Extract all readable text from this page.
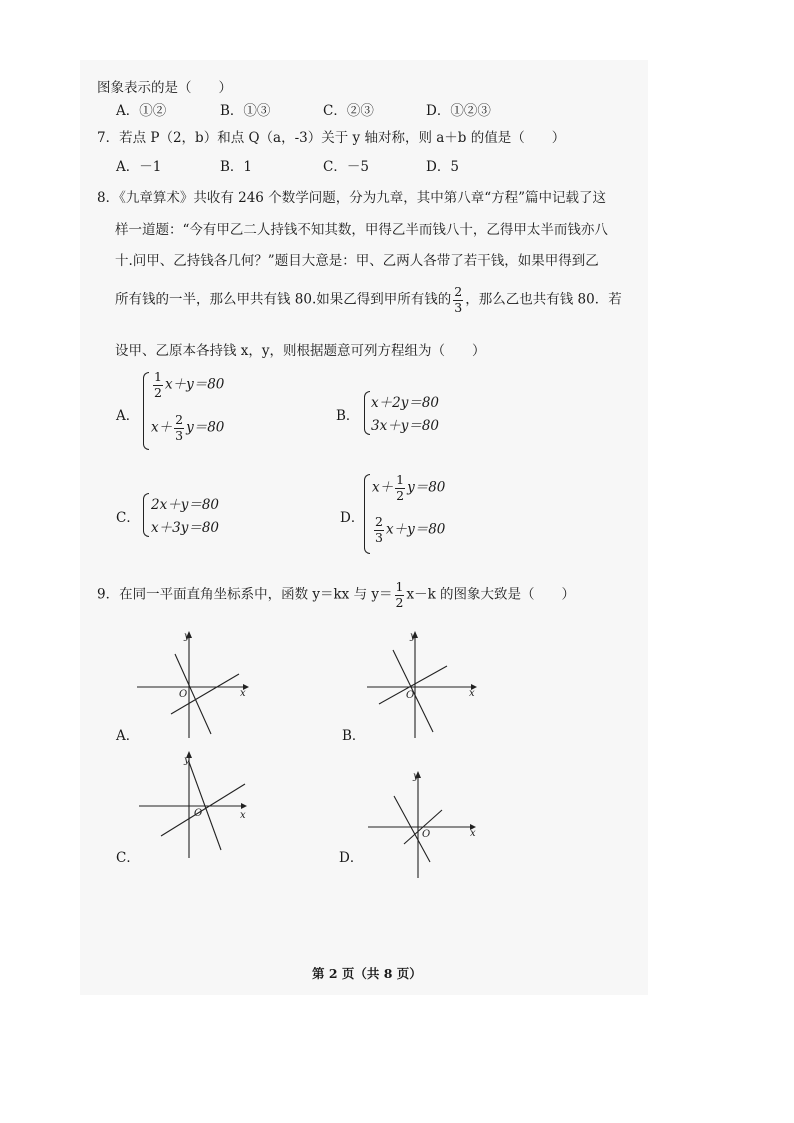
图象表示的是（　　）
A．①②	B．①③	C．②③	D．①②③
7．若点 P（2，b）和点 Q（a，-3）关于 y 轴对称，则 a＋b 的值是（　　）
A．－1	B．1	C．－5	D．5
8．《九章算术》共收有 246 个数学问题，分为九章，其中第八章“方程”篇中记载了这
样一道题：“今有甲乙二人持钱不知其数，甲得乙半而钱八十，乙得甲太半而钱亦八
十.问甲、乙持钱各几何？”题目大意是：甲、乙两人各带了若干钱，如果甲得到乙
所有钱的一半，那么甲共有钱 80.如果乙得到甲所有钱的 $\frac{2}{3}$ ，那么乙也共有钱 80．若
设甲、乙原本各持钱 x，y，则根据题意可列方程组为（　　）
A．
$\frac{1}{2} x+y=80$
$x+ \frac{2}{3} y=80$
B．
x＋2y＝80
3x＋y＝80
C．
2x＋y＝80
x＋3y＝80
D．
$x+ \frac{1}{2} y=80$
$\frac{2}{3} x+y=80$
9．在同一平面直角坐标系中，函数 y＝kx 与 $y= \frac{1}{2} x-k$ 的图象大致是（　　）
y
x
O
A．
y
x
O
B．
y
x
O
C．
y
x
O
D．
第 2 页（共 8 页）
